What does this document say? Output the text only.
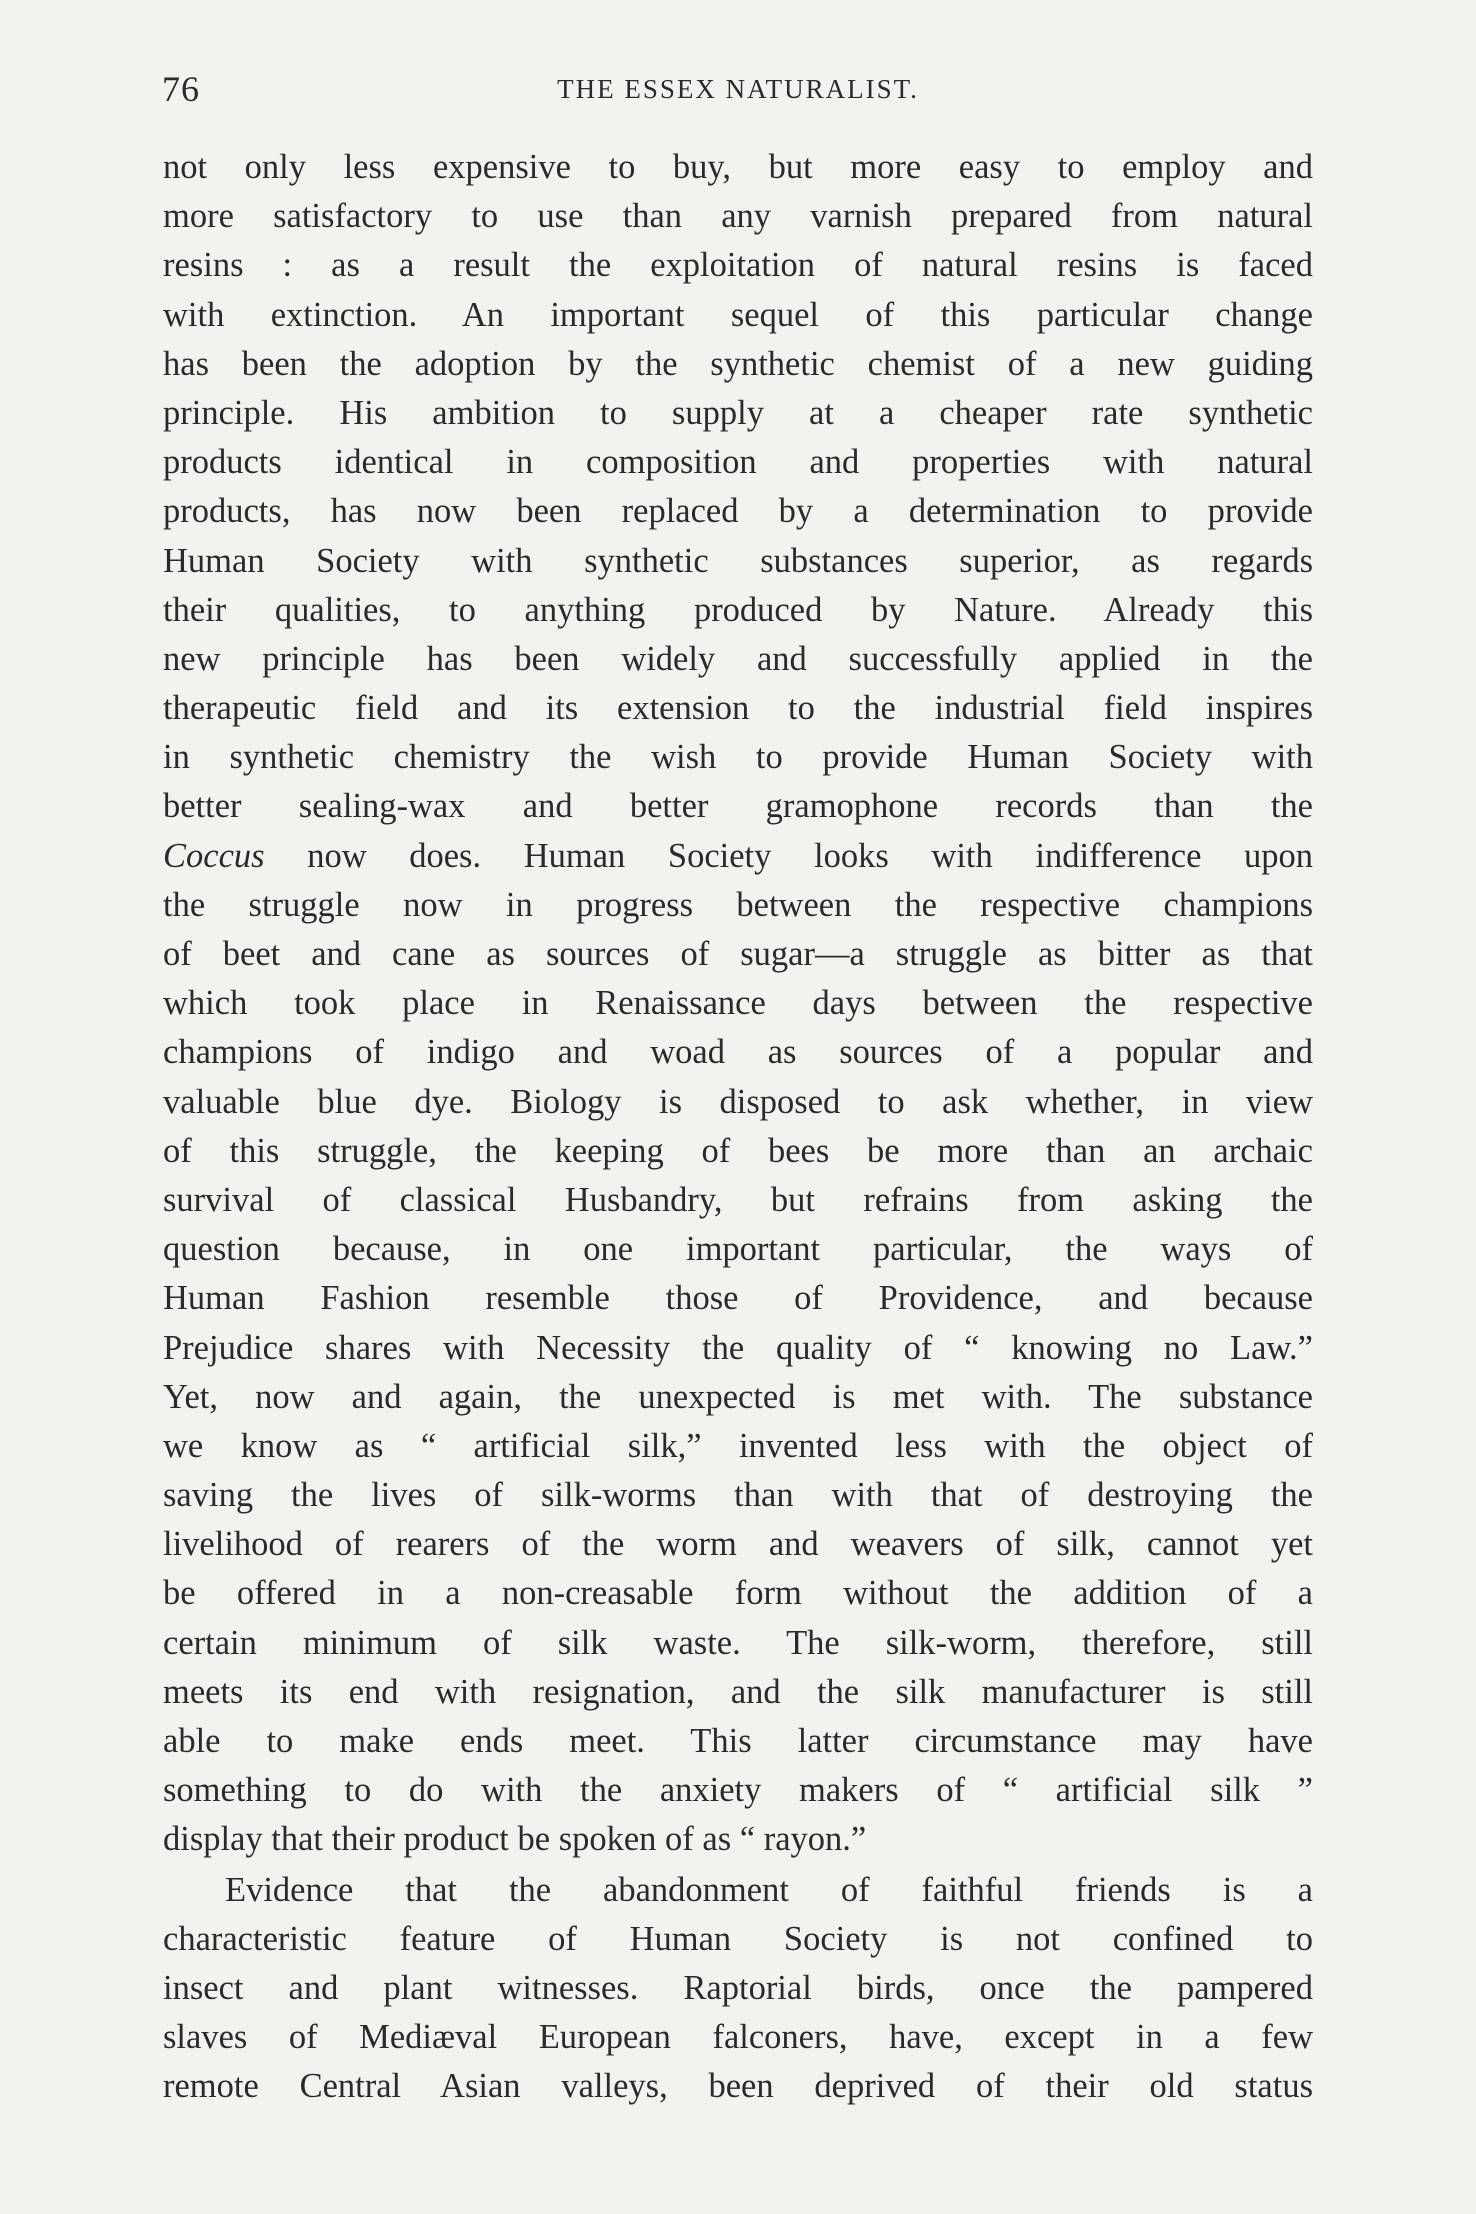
76	THE ESSEX NATURALIST.
not only less expensive to buy, but more easy to employ and
more satisfactory to use than any varnish prepared from natural
resins : as a result the exploitation of natural resins is faced
with extinction. An important sequel of this particular change
has been the adoption by the synthetic chemist of a new guiding
principle. His ambition to supply at a cheaper rate synthetic
products identical in composition and properties with natural
products, has now been replaced by a determination to provide
Human Society with synthetic substances superior, as regards
their qualities, to anything produced by Nature. Already this
new principle has been widely and successfully applied in the
therapeutic field and its extension to the industrial field inspires
in synthetic chemistry the wish to provide Human Society with
better sealing-wax and better gramophone records than the
Coccus now does. Human Society looks with indifference upon
the struggle now in progress between the respective champions
of beet and cane as sources of sugar—a struggle as bitter as that
which took place in Renaissance days between the respective
champions of indigo and woad as sources of a popular and
valuable blue dye. Biology is disposed to ask whether, in view
of this struggle, the keeping of bees be more than an archaic
survival of classical Husbandry, but refrains from asking the
question because, in one important particular, the ways of
Human Fashion resemble those of Providence, and because
Prejudice shares with Necessity the quality of “ knowing no Law.”
Yet, now and again, the unexpected is met with. The substance
we know as “ artificial silk,” invented less with the object of
saving the lives of silk-worms than with that of destroying the
livelihood of rearers of the worm and weavers of silk, cannot yet
be offered in a non-creasable form without the addition of a
certain minimum of silk waste. The silk-worm, therefore, still
meets its end with resignation, and the silk manufacturer is still
able to make ends meet. This latter circumstance may have
something to do with the anxiety makers of “ artificial silk ”
display that their product be spoken of as “ rayon.”
Evidence that the abandonment of faithful friends is a
characteristic feature of Human Society is not confined to
insect and plant witnesses. Raptorial birds, once the pampered
slaves of Mediæval European falconers, have, except in a few
remote Central Asian valleys, been deprived of their old status
